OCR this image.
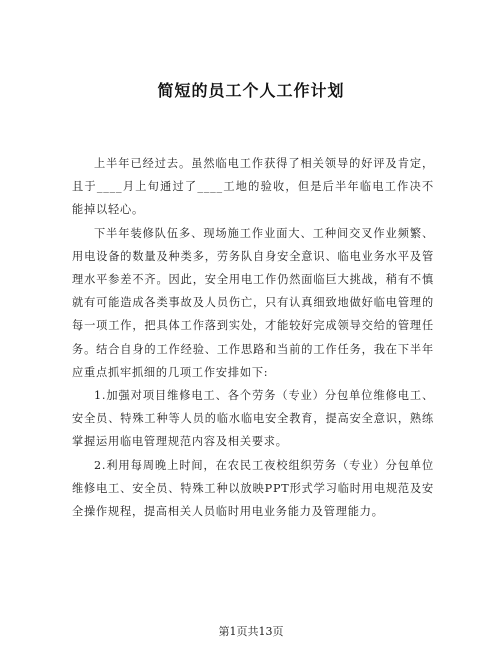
简短的员工个人工作计划

上半年已经过去。虽然临电工作获得了相关领导的好评及肯定，且于____月上旬通过了____工地的验收，但是后半年临电工作决不能掉以轻心。

下半年装修队伍多、现场施工作业面大、工种间交叉作业频繁、用电设备的数量及种类多，劳务队自身安全意识、临电业务水平及管理水平参差不齐。因此，安全用电工作仍然面临巨大挑战，稍有不慎就有可能造成各类事故及人员伤亡，只有认真细致地做好临电管理的每一项工作，把具体工作落到实处，才能较好完成领导交给的管理任务。结合自身的工作经验、工作思路和当前的工作任务，我在下半年应重点抓牢抓细的几项工作安排如下:

1.加强对项目维修电工、各个劳务（专业）分包单位维修电工、安全员、特殊工种等人员的临水临电安全教育，提高安全意识，熟练掌握运用临电管理规范内容及相关要求。

2.利用每周晚上时间，在农民工夜校组织劳务（专业）分包单位维修电工、安全员、特殊工种以放映PPT形式学习临时用电规范及安全操作规程，提高相关人员临时用电业务能力及管理能力。

第1页共13页
